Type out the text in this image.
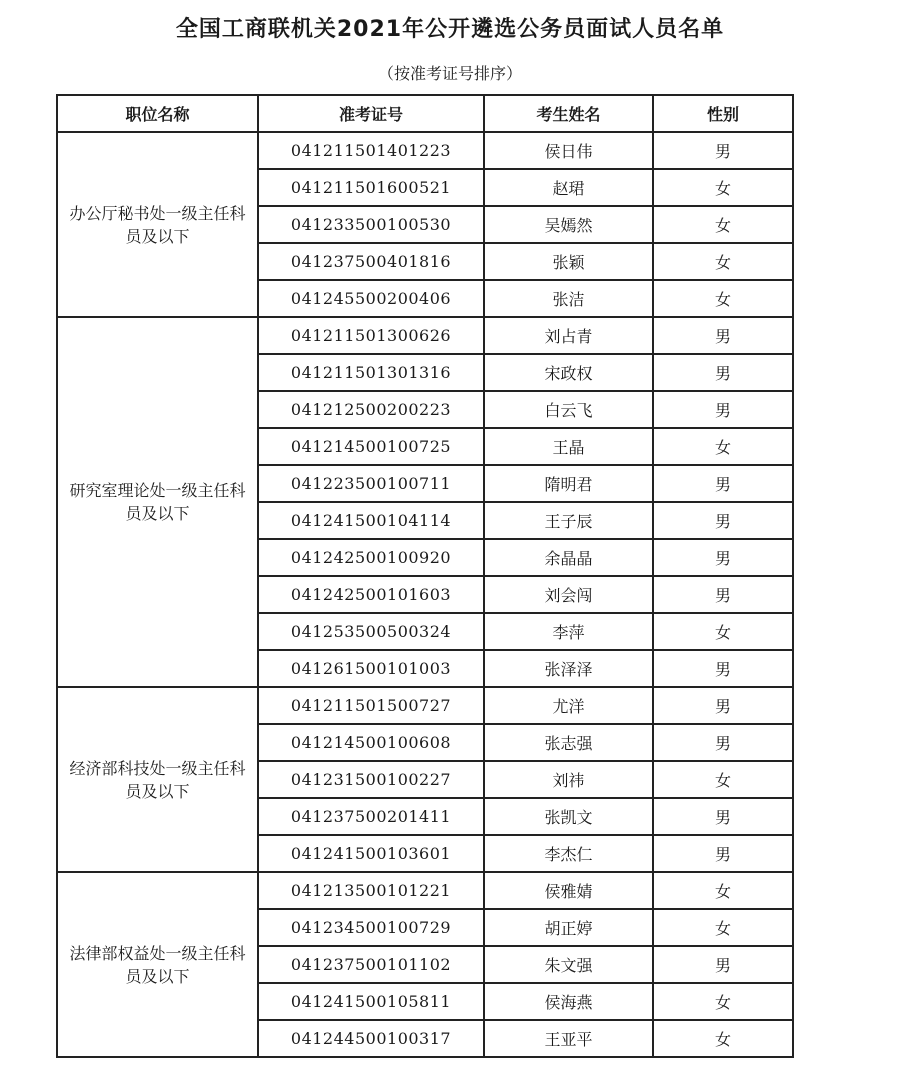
全国工商联机关2021年公开遴选公务员面试人员名单
（按准考证号排序）
职位名称	准考证号	考生姓名	性别
办公厅秘书处一级主任科员及以下	041211501401223	侯日伟	男
	041211501600521	赵珺	女
	041233500100530	吴嫣然	女
	041237500401816	张颖	女
	041245500200406	张洁	女
研究室理论处一级主任科员及以下	041211501300626	刘占青	男
	041211501301316	宋政权	男
	041212500200223	白云飞	男
	041214500100725	王晶	女
	041223500100711	隋明君	男
	041241500104114	王子辰	男
	041242500100920	余晶晶	男
	041242500101603	刘会闯	男
	041253500500324	李萍	女
	041261500101003	张泽泽	男
经济部科技处一级主任科员及以下	041211501500727	尤洋	男
	041214500100608	张志强	男
	041231500100227	刘祎	女
	041237500201411	张凯文	男
	041241500103601	李杰仁	男
法律部权益处一级主任科员及以下	041213500101221	侯雅婧	女
	041234500100729	胡正婷	女
	041237500101102	朱文强	男
	041241500105811	侯海燕	女
	041244500100317	王亚平	女
